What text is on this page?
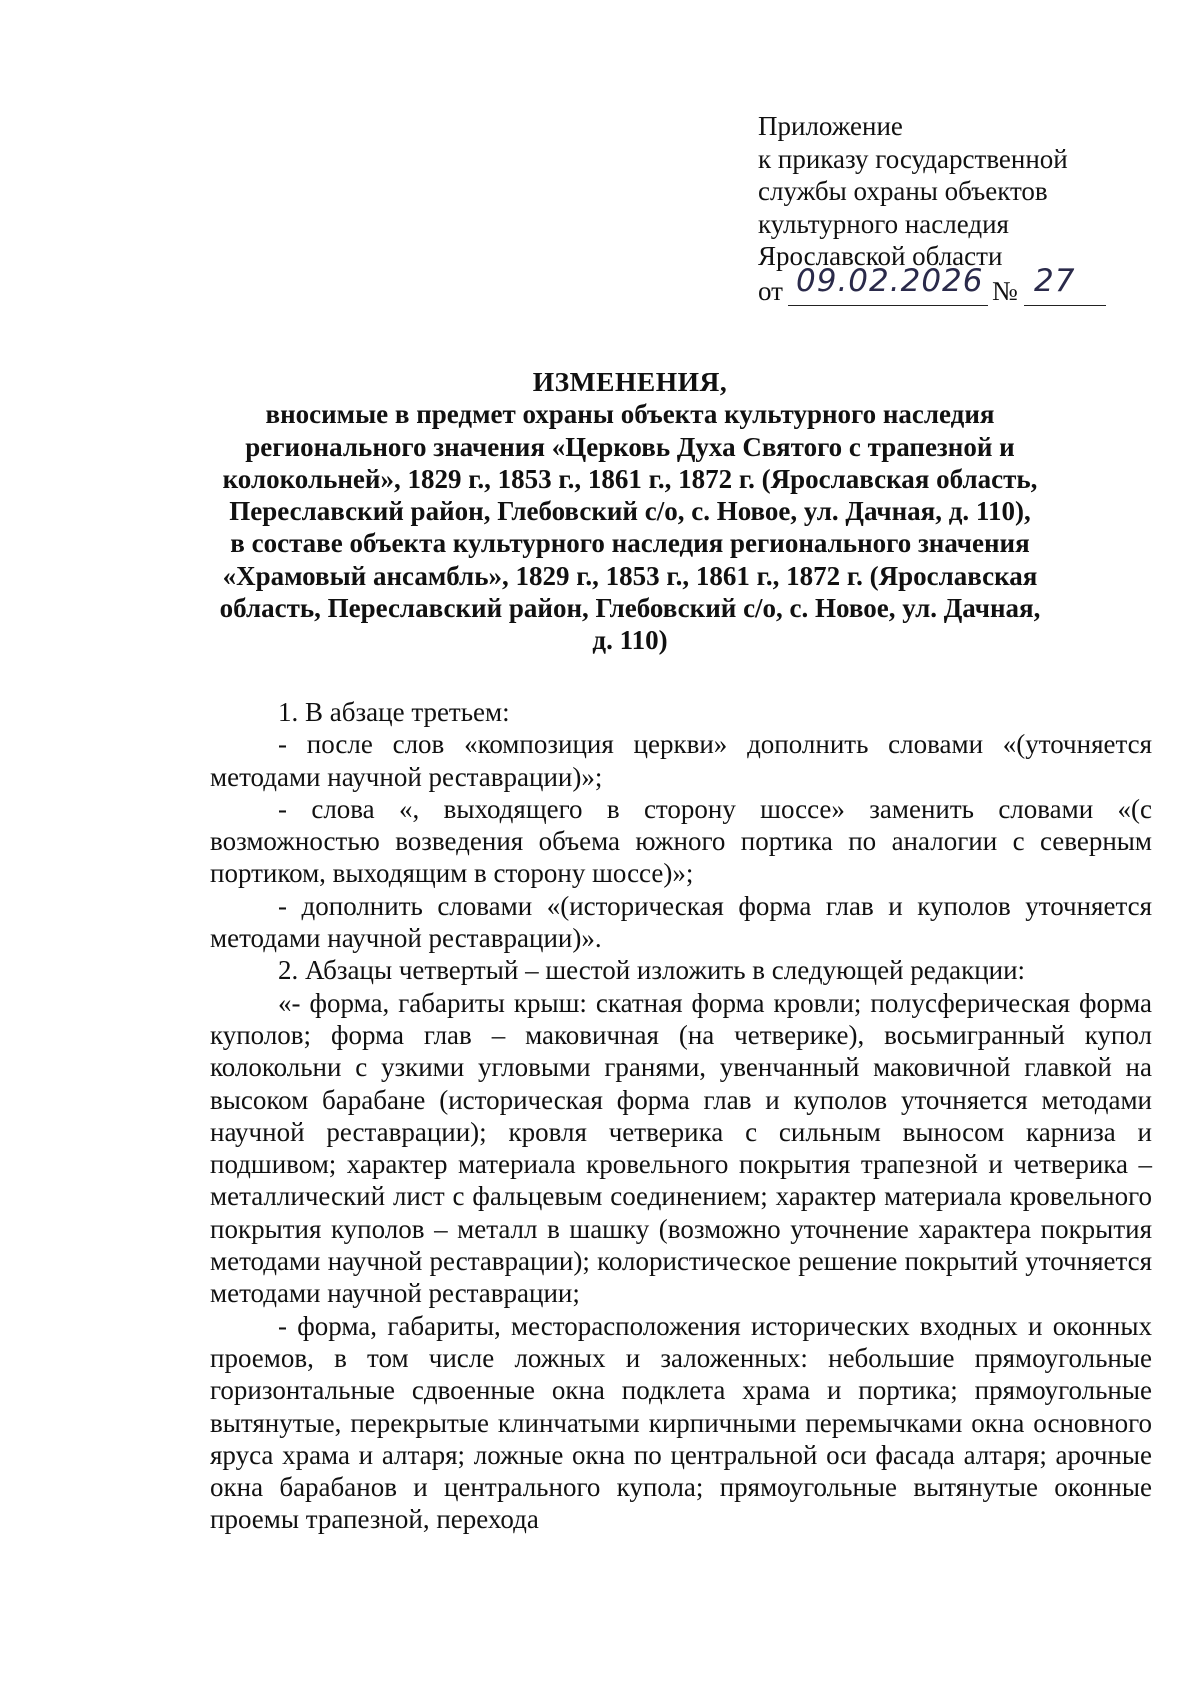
Приложение
к приказу государственной
службы охраны объектов
культурного наследия
Ярославской области
от 09.02.2026 № 27
ИЗМЕНЕНИЯ,
вносимые в предмет охраны объекта культурного наследия
регионального значения «Церковь Духа Святого с трапезной и
колокольней», 1829 г., 1853 г., 1861 г., 1872 г. (Ярославская область,
Переславский район, Глебовский с/о, с. Новое, ул. Дачная, д. 110),
в составе объекта культурного наследия регионального значения
«Храмовый ансамбль», 1829 г., 1853 г., 1861 г., 1872 г. (Ярославская
область, Переславский район, Глебовский с/о, с. Новое, ул. Дачная,
д. 110)

1. В абзаце третьем:

- после слов «композиция церкви» дополнить словами «(уточняется методами научной реставрации)»;

- слова «, выходящего в сторону шоссе» заменить словами «(с возможностью возведения объема южного портика по аналогии с северным портиком, выходящим в сторону шоссе)»;

- дополнить словами «(историческая форма глав и куполов уточняется методами научной реставрации)».

2. Абзацы четвертый – шестой изложить в следующей редакции:

«- форма, габариты крыш: скатная форма кровли; полусферическая форма куполов; форма глав – маковичная (на четверике), восьмигранный купол колокольни с узкими угловыми гранями, увенчанный маковичной главкой на высоком барабане (историческая форма глав и куполов уточняется методами научной реставрации); кровля четверика с сильным выносом карниза и подшивом; характер материала кровельного покрытия трапезной и четверика – металлический лист с фальцевым соединением; характер материала кровельного покрытия куполов – металл в шашку (возможно уточнение характера покрытия методами научной реставрации); колористическое решение покрытий уточняется методами научной реставрации;

- форма, габариты, месторасположения исторических входных и оконных проемов, в том числе ложных и заложенных: небольшие прямоугольные горизонтальные сдвоенные окна подклета храма и портика; прямоугольные вытянутые, перекрытые клинчатыми кирпичными перемычками окна основного яруса храма и алтаря; ложные окна по центральной оси фасада алтаря; арочные окна барабанов и центрального купола; прямоугольные вытянутые оконные проемы трапезной, перехода
